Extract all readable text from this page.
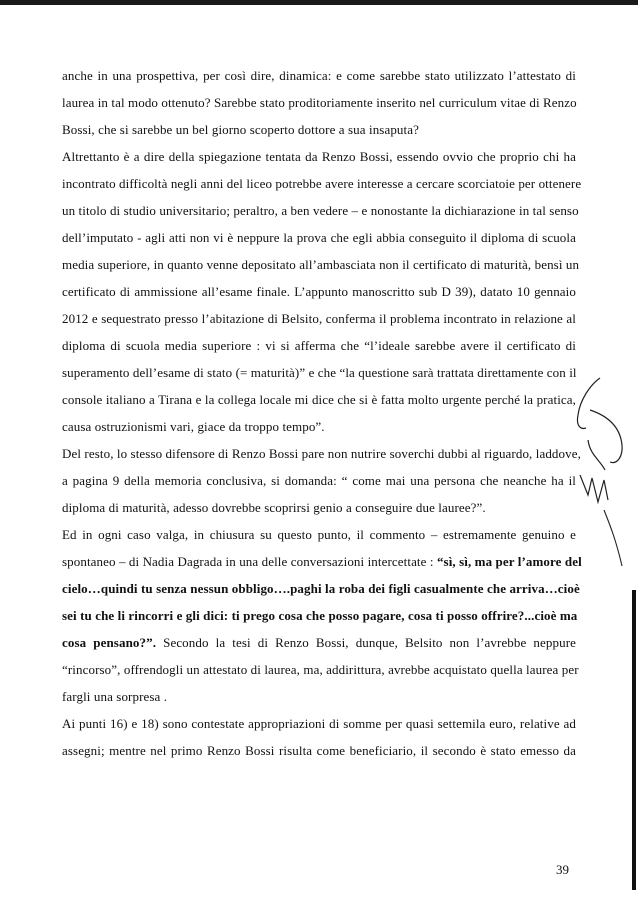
anche in una prospettiva, per così dire, dinamica: e come sarebbe stato utilizzato l’attestato di
laurea in tal modo ottenuto? Sarebbe stato proditoriamente inserito nel curriculum vitae di Renzo
Bossi, che si sarebbe un bel giorno scoperto dottore a sua insaputa?
Altrettanto è a dire della spiegazione tentata da Renzo Bossi, essendo ovvio che proprio chi ha
incontrato difficoltà negli anni del liceo potrebbe avere interesse a cercare scorciatoie per ottenere
un titolo di studio universitario; peraltro, a ben vedere – e nonostante la dichiarazione in tal senso
dell’imputato - agli atti non vi è neppure la prova che egli abbia conseguito il diploma di scuola
media superiore, in quanto venne depositato all’ambasciata non il certificato di maturità, bensì un
certificato di ammissione all’esame finale. L’appunto manoscritto sub D 39), datato 10 gennaio
2012 e sequestrato presso l’abitazione di Belsito, conferma il problema incontrato in relazione al
diploma di scuola media superiore : vi si afferma che “l’ideale sarebbe avere il certificato di
superamento dell’esame di stato (= maturità)” e che “la questione sarà trattata direttamente con il
console italiano a Tirana e la collega locale mi dice che si è fatta molto urgente perché la pratica,
causa ostruzionismi vari, giace da troppo tempo”.
Del resto, lo stesso difensore di Renzo Bossi pare non nutrire soverchi dubbi al riguardo, laddove,
a pagina 9 della memoria conclusiva, si domanda: “ come mai una persona che neanche ha il
diploma di maturità, adesso dovrebbe scoprirsi genio a conseguire due lauree?”.
Ed in ogni caso valga, in chiusura su questo punto, il commento – estremamente genuino e
spontaneo – di Nadia Dagrada in una delle conversazioni intercettate : “sì, sì, ma per l’amore del
cielo…quindi tu senza nessun obbligo….paghi la roba dei figli casualmente che arriva…cioè
sei tu che li rincorri e gli dici: ti prego cosa che posso pagare, cosa ti posso offrire?...cioè ma
cosa pensano?”. Secondo la tesi di Renzo Bossi, dunque, Belsito non l’avrebbe neppure
“rincorso”, offrendogli un attestato di laurea, ma, addirittura, avrebbe acquistato quella laurea per
fargli una sorpresa .
Ai punti 16) e 18) sono contestate appropriazioni di somme per quasi settemila euro, relative ad
assegni; mentre nel primo Renzo Bossi risulta come beneficiario, il secondo è stato emesso da
39
